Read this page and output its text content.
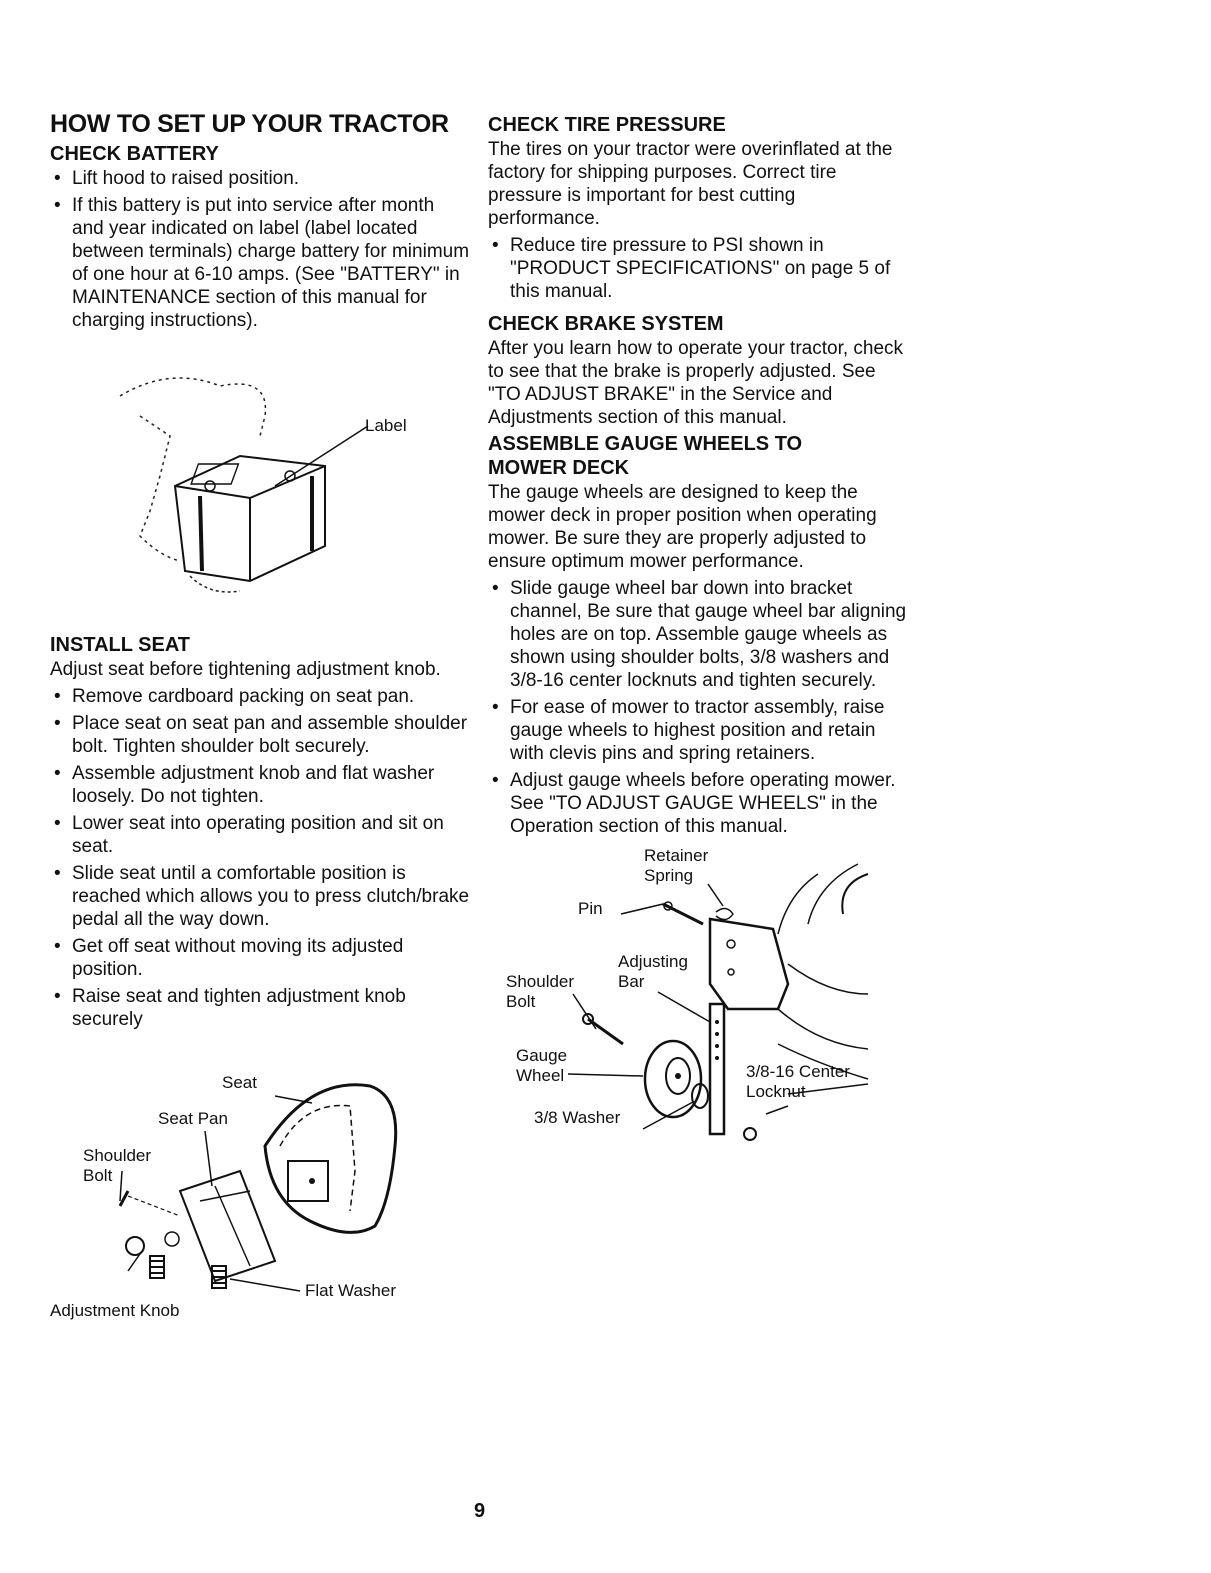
HOW TO SET UP YOUR TRACTOR
CHECK BATTERY
• Lift hood to raised position.
• If this battery is put into service after month and year indicated on label (label located between terminals) charge battery for minimum of one hour at 6-10 amps. (See "BATTERY" in MAINTENANCE section of this manual for charging instructions).
Label
INSTALL SEAT

Adjust seat before tightening adjustment knob.

• Remove cardboard packing on seat pan.
• Place seat on seat pan and assemble shoulder bolt. Tighten shoulder bolt securely.
• Assemble adjustment knob and flat washer loosely. Do not tighten.
• Lower seat into operating position and sit on seat.
• Slide seat until a comfortable position is reached which allows you to press clutch/brake pedal all the way down.
• Get off seat without moving its adjusted position.
• Raise seat and tighten adjustment knob securely
Seat
Seat Pan
Shoulder
Bolt
Flat Washer
Adjustment Knob
CHECK TIRE PRESSURE

The tires on your tractor were overinflated at the factory for shipping purposes. Correct tire pressure is important for best cutting performance.

• Reduce tire pressure to PSI shown in "PRODUCT SPECIFICATIONS" on page 5 of this manual.
CHECK BRAKE SYSTEM

After you learn how to operate your tractor, check to see that the brake is properly adjusted. See "TO ADJUST BRAKE" in the Service and Adjustments section of this manual.

ASSEMBLE GAUGE WHEELS TO
MOWER DECK

The gauge wheels are designed to keep the mower deck in proper position when operating mower. Be sure they are properly adjusted to ensure optimum mower performance.

• Slide gauge wheel bar down into bracket channel, Be sure that gauge wheel bar aligning holes are on top. Assemble gauge wheels as shown using shoulder bolts, 3/8 washers and 3/8-16 center locknuts and tighten securely.
• For ease of mower to tractor assembly, raise gauge wheels to highest position and retain with clevis pins and spring retainers.
• Adjust gauge wheels before operating mower. See "TO ADJUST GAUGE WHEELS" in the Operation section of this manual.
Retainer
Spring
Pin
Adjusting
Bar
Shoulder
Bolt
Gauge
Wheel
3/8 Washer
3/8-16 Center
Locknut
9
